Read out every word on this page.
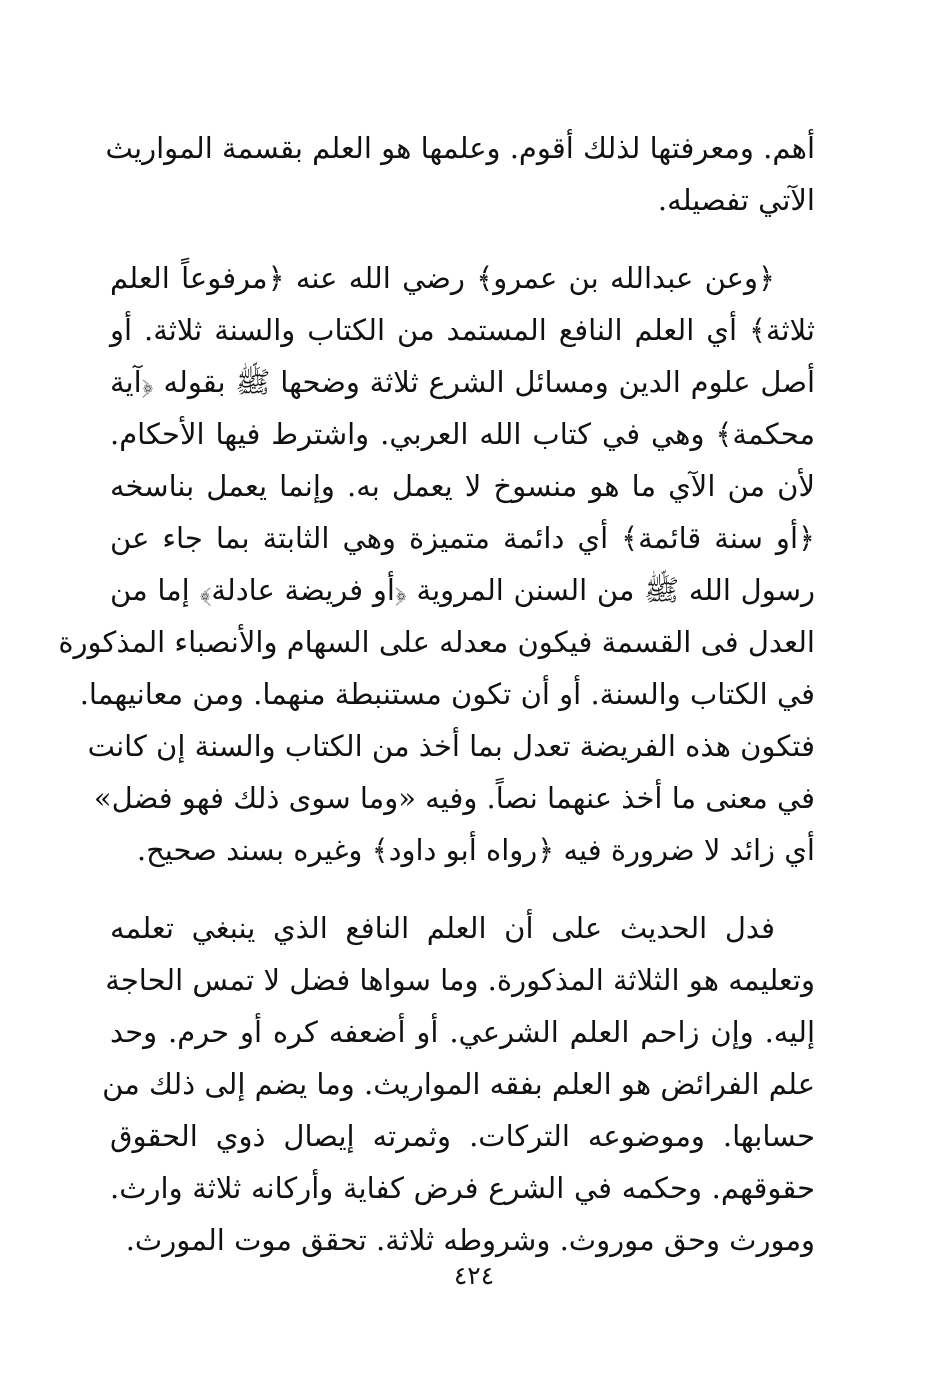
أهم. ومعرفتها لذلك أقوم. وعلمها هو العلم بقسمة المواريث
الآتي تفصيله.
﴿وعن عبدالله بن عمرو﴾ رضي الله عنه ﴿مرفوعاً العلم
ثلاثة﴾ أي العلم النافع المستمد من الكتاب والسنة ثلاثة. أو
أصل علوم الدين ومسائل الشرع ثلاثة وضحها ﷺ بقوله ﴿آية
محكمة﴾ وهي في كتاب الله العربي. واشترط فيها الأحكام.
لأن من الآي ما هو منسوخ لا يعمل به. وإنما يعمل بناسخه
﴿أو سنة قائمة﴾ أي دائمة متميزة وهي الثابتة بما جاء عن
رسول الله ﷺ من السنن المروية ﴿أو فريضة عادلة﴾ إما من
العدل فى القسمة فيكون معدله على السهام والأنصباء المذكورة
في الكتاب والسنة. أو أن تكون مستنبطة منهما. ومن معانيهما.
فتكون هذه الفريضة تعدل بما أخذ من الكتاب والسنة إن كانت
في معنى ما أخذ عنهما نصاً. وفيه «وما سوى ذلك فهو فضل»
أي زائد لا ضرورة فيه ﴿رواه أبو داود﴾ وغيره بسند صحيح.
فدل الحديث على أن العلم النافع الذي ينبغي تعلمه
وتعليمه هو الثلاثة المذكورة. وما سواها فضل لا تمس الحاجة
إليه. وإن زاحم العلم الشرعي. أو أضعفه كره أو حرم. وحد
علم الفرائض هو العلم بفقه المواريث. وما يضم إلى ذلك من
حسابها. وموضوعه التركات. وثمرته إيصال ذوي الحقوق
حقوقهم. وحكمه في الشرع فرض كفاية وأركانه ثلاثة وارث.
ومورث وحق موروث. وشروطه ثلاثة. تحقق موت المورث.
٤٢٤
